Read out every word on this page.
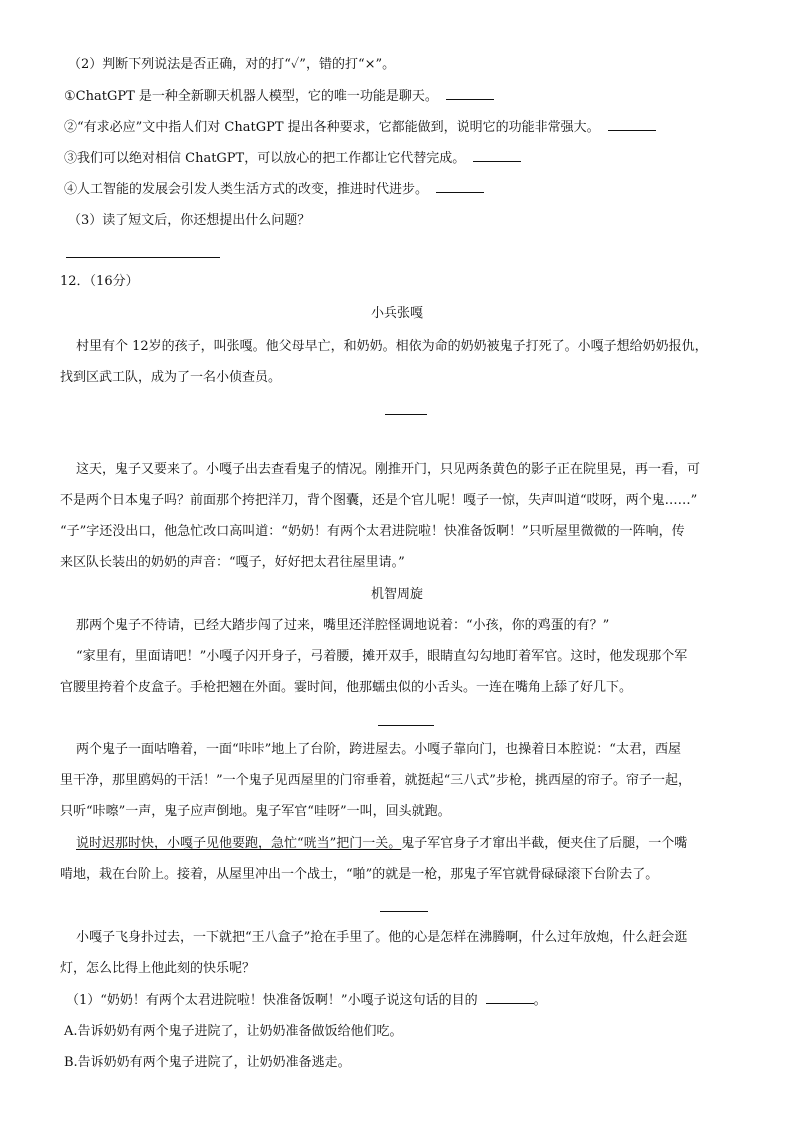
（2）判断下列说法是否正确，对的打“✓”，错的打“×”。
①ChatGPT 是一种全新聊天机器人模型，它的唯一功能是聊天。
②“有求必应”文中指人们对 ChatGPT 提出各种要求，它都能做到，说明它的功能非常强大。
③我们可以绝对相信 ChatGPT，可以放心的把工作都让它代替完成。
④人工智能的发展会引发人类生活方式的改变，推进时代进步。
（3）读了短文后，你还想提出什么问题？
12．（16分）
小兵张嘎
村里有个 12岁的孩子，叫张嘎。他父母早亡，和奶奶。相依为命的奶奶被鬼子打死了。小嘎子想给奶奶报仇，
找到区武工队，成为了一名小侦查员。
这天，鬼子又要来了。小嘎子出去查看鬼子的情况。刚推开门，只见两条黄色的影子正在院里晃，再一看，可
不是两个日本鬼子吗？前面那个挎把洋刀，背个图囊，还是个官儿呢！嘎子一惊，失声叫道“哎呀，两个鬼……”
“子”字还没出口，他急忙改口高叫道：“奶奶！有两个太君进院啦！快准备饭啊！”只听屋里微微的一阵响，传
来区队长装出的奶奶的声音：“嘎子，好好把太君往屋里请。”
机智周旋
那两个鬼子不待请，已经大踏步闯了过来，嘴里还洋腔怪调地说着：“小孩，你的鸡蛋的有？”
“家里有，里面请吧！”小嘎子闪开身子，弓着腰，摊开双手，眼睛直勾勾地盯着军官。这时，他发现那个军
官腰里挎着个皮盒子。手枪把翘在外面。霎时间，他那蠕虫似的小舌头。一连在嘴角上舔了好几下。
两个鬼子一面咕噜着，一面“咔咔”地上了台阶，跨进屋去。小嘎子靠向门，也操着日本腔说：“太君，西屋
里干净，那里鸥妈的干活！”一个鬼子见西屋里的门帘垂着，就挺起“三八式”步枪，挑西屋的帘子。帘子一起，
只听“咔嚓”一声，鬼子应声倒地。鬼子军官“哇呀”一叫，回头就跑。
说时迟那时快，小嘎子见他要跑，急忙“咣当”把门一关。鬼子军官身子才窜出半截，便夹住了后腿，一个嘴
啃地，栽在台阶上。接着，从屋里冲出一个战士，“啪”的就是一枪，那鬼子军官就骨碌碌滚下台阶去了。
小嘎子飞身扑过去，一下就把“王八盒子”抢在手里了。他的心是怎样在沸腾啊，什么过年放炮，什么赶会逛
灯，怎么比得上他此刻的快乐呢？
（1）“奶奶！有两个太君进院啦！快准备饭啊！”小嘎子说这句话的目的	。
A.告诉奶奶有两个鬼子进院了，让奶奶准备做饭给他们吃。
B.告诉奶奶有两个鬼子进院了，让奶奶准备逃走。
